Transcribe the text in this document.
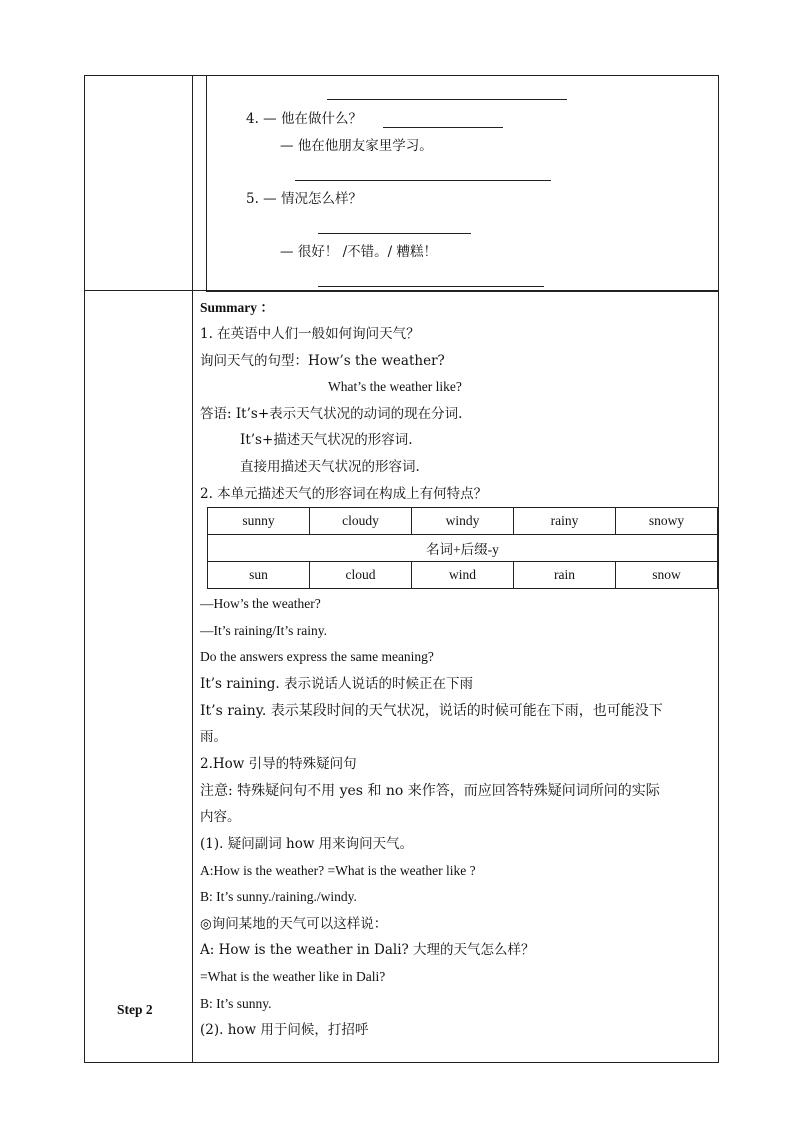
4. — 他在做什么？
— 他在他朋友家里学习。
5. — 情况怎么样？
— 很好！ /不错。/ 糟糕！
Step 2
Summary ：
1. 在英语中人们一般如何询问天气？
询问天气的句型：How’s the weather?
What’s the weather like?
答语: It’s+表示天气状况的动词的现在分词.
It’s+描述天气状况的形容词.
直接用描述天气状况的形容词.
2. 本单元描述天气的形容词在构成上有何特点？
sunny	cloudy	windy	rainy	snowy
名词+后缀-y				
sun	cloud	wind	rain	snow
—How’s the weather?
—It’s raining/It’s rainy.
Do the answers express the same meaning?
It’s raining. 表示说话人说话的时候正在下雨
It’s rainy. 表示某段时间的天气状况，说话的时候可能在下雨，也可能没下
雨。
2.How 引导的特殊疑问句
注意: 特殊疑问句不用 yes 和 no 来作答，而应回答特殊疑问词所问的实际
内容。
(1). 疑问副词 how 用来询问天气。
A:How is the weather? =What is the weather like ?
B: It’s sunny./raining./windy.
◎询问某地的天气可以这样说：
A: How is the weather in Dali? 大理的天气怎么样？
=What is the weather like in Dali?
B: It’s sunny.
(2). how 用于问候，打招呼
